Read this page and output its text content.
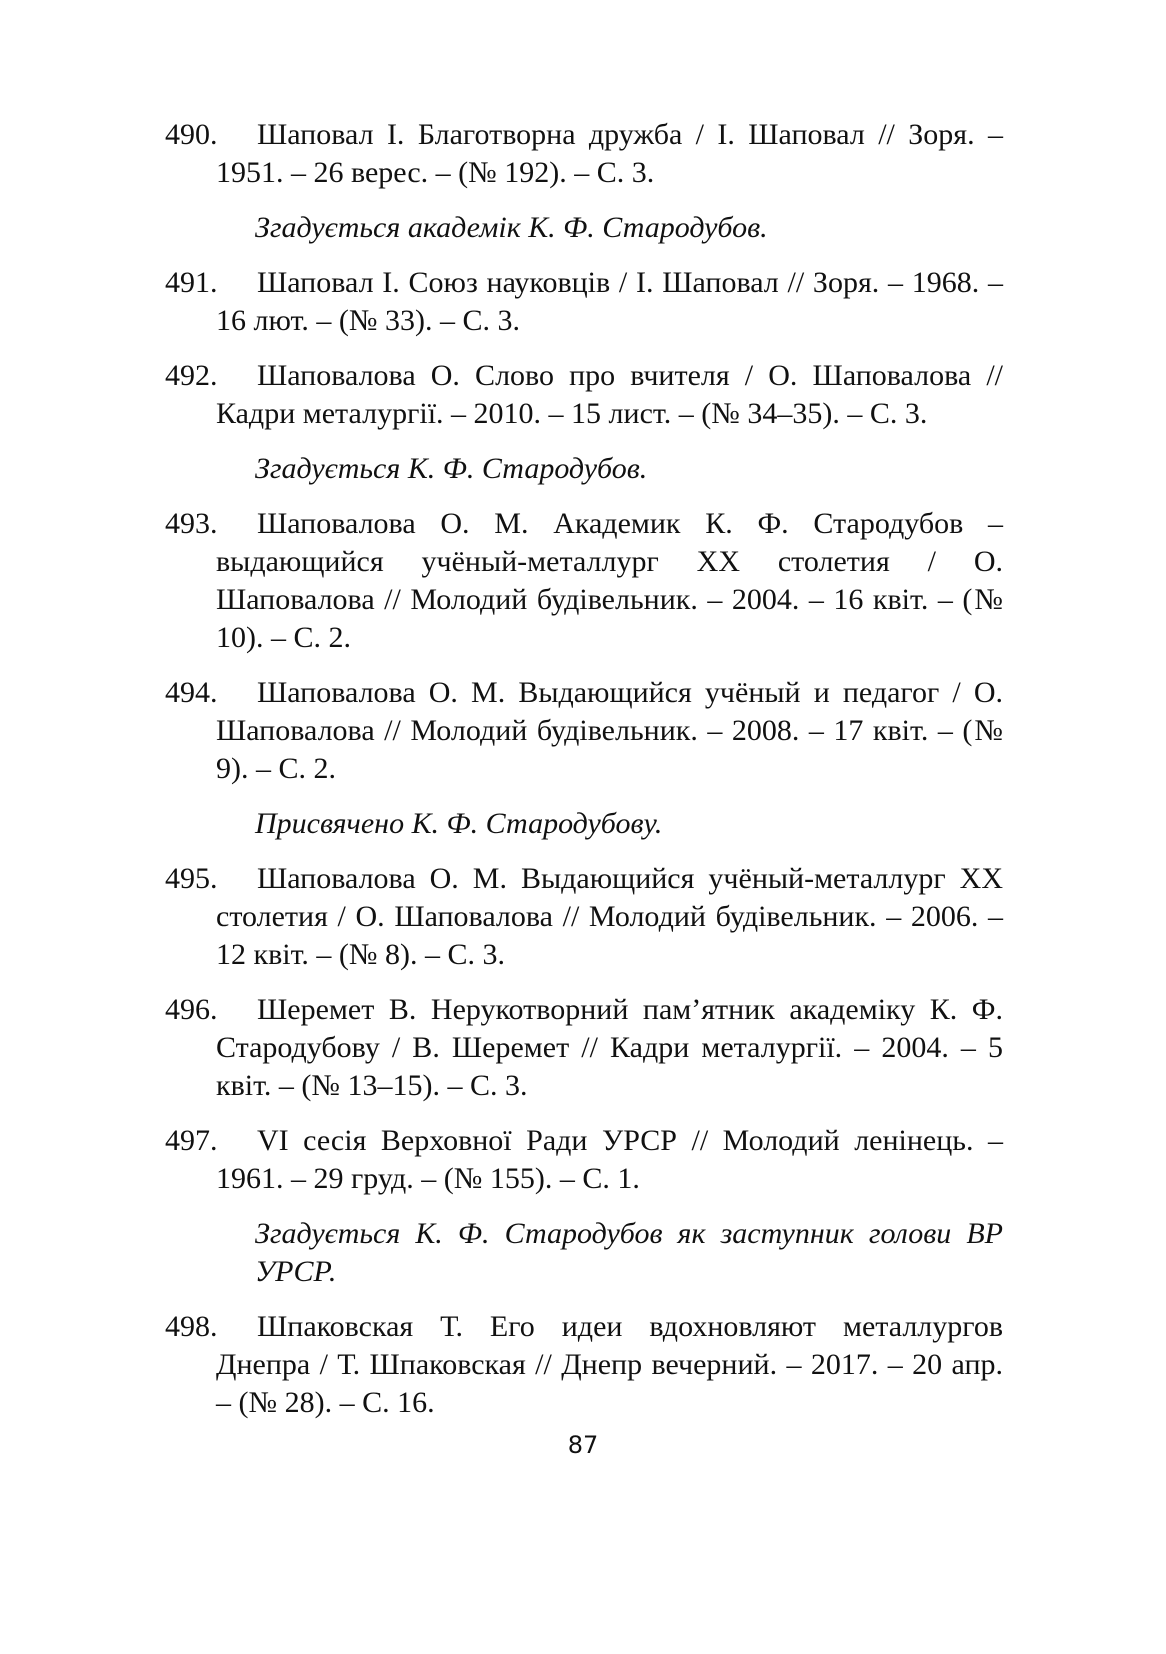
490. Шаповал І. Благотворна дружба / І. Шаповал // Зоря. – 1951. – 26 верес. – (№ 192). – С. 3.

Згадується академік К. Ф. Стародубов.

491. Шаповал І. Союз науковців / І. Шаповал // Зоря. – 1968. – 16 лют. – (№ 33). – С. 3.

492. Шаповалова О. Слово про вчителя / О. Шаповалова // Кадри металургії. – 2010. – 15 лист. – (№ 34–35). – С. 3.

Згадується К. Ф. Стародубов.

493. Шаповалова О. М. Академик К. Ф. Стародубов – выдающийся учёный-металлург ХХ столетия / О. Шаповалова // Молодий будівельник. – 2004. – 16 квіт. – (№ 10). – С. 2.

494. Шаповалова О. М. Выдающийся учёный и педагог / О. Шаповалова // Молодий будівельник. – 2008. – 17 квіт. – (№ 9). – С. 2.

Присвячено К. Ф. Стародубову.

495. Шаповалова О. М. Выдающийся учёный-металлург ХХ столетия / О. Шаповалова // Молодий будівельник. – 2006. – 12 квіт. – (№ 8). – С. 3.

496. Шеремет В. Нерукотворний пам’ятник академіку К. Ф. Стародубову / В. Шеремет // Кадри металургії. – 2004. – 5 квіт. – (№ 13–15). – С. 3.

497. VI сесія Верховної Ради УРСР // Молодий ленінець. – 1961. – 29 груд. – (№ 155). – С. 1.

Згадується К. Ф. Стародубов як заступник голови ВР УРСР.

498. Шпаковская Т. Его идеи вдохновляют металлургов Днепра / Т. Шпаковская // Днепр вечерний. – 2017. – 20 апр. – (№ 28). – С. 16.

87
